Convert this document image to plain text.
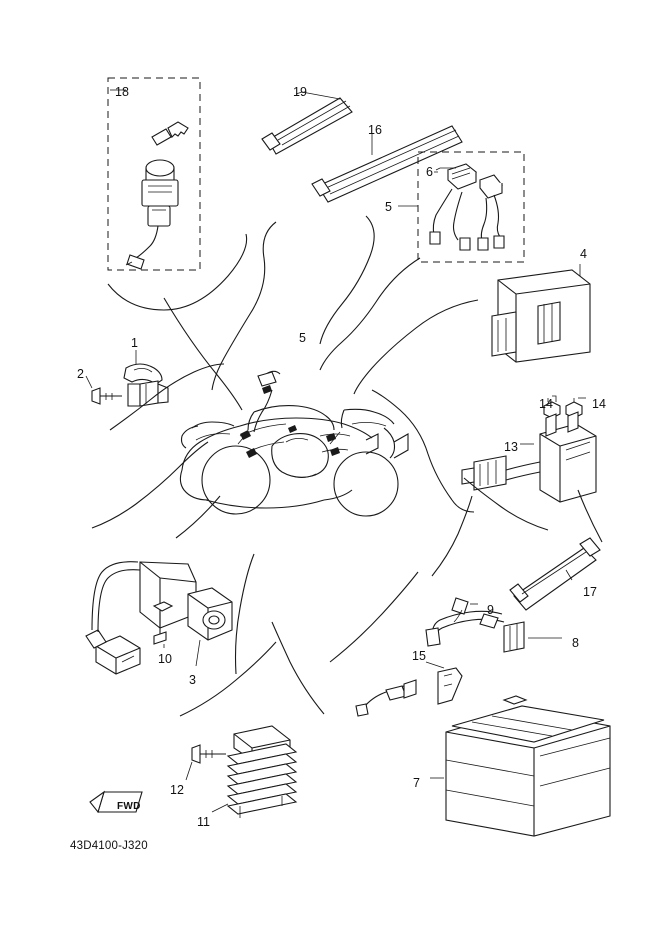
43D4100-J320
FWD
18	19
16
6
5
4
1	5
2
14	14
13
17
9
8
15
10
3
7
12
11
